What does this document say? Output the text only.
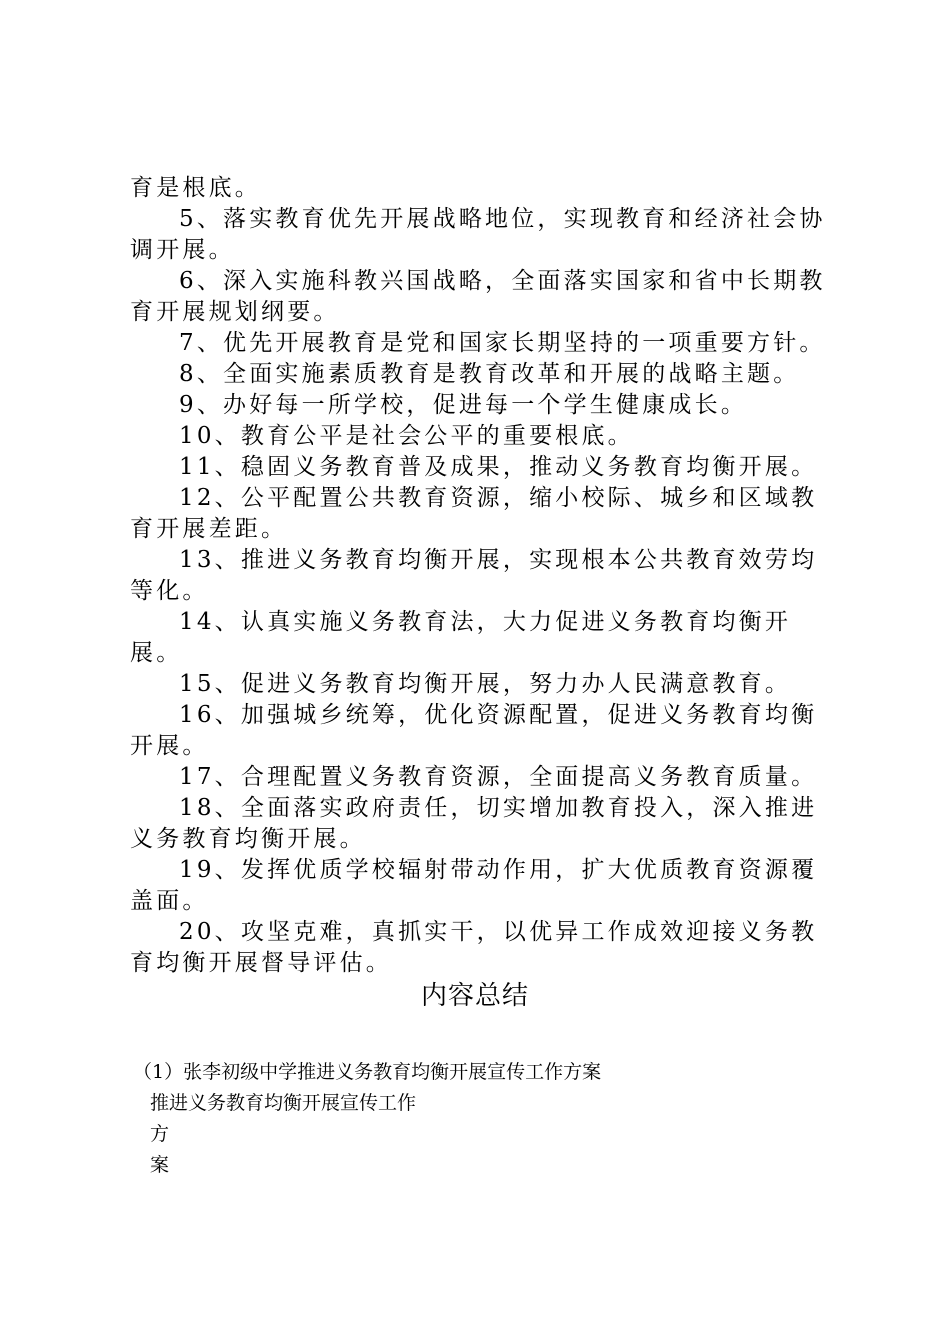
育是根底。

5、落实教育优先开展战略地位，实现教育和经济社会协调开展。

6、深入实施科教兴国战略，全面落实国家和省中长期教育开展规划纲要。

7、优先开展教育是党和国家长期坚持的一项重要方针。

8、全面实施素质教育是教育改革和开展的战略主题。

9、办好每一所学校，促进每一个学生健康成长。

10、教育公平是社会公平的重要根底。

11、稳固义务教育普及成果，推动义务教育均衡开展。

12、公平配置公共教育资源，缩小校际、城乡和区域教育开展差距。

13、推进义务教育均衡开展，实现根本公共教育效劳均等化。

14、认真实施义务教育法，大力促进义务教育均衡开展。

15、促进义务教育均衡开展，努力办人民满意教育。

16、加强城乡统筹，优化资源配置，促进义务教育均衡开展。

17、合理配置义务教育资源，全面提高义务教育质量。

18、全面落实政府责任，切实增加教育投入，深入推进义务教育均衡开展。

19、发挥优质学校辐射带动作用，扩大优质教育资源覆盖面。

20、攻坚克难，真抓实干，以优异工作成效迎接义务教育均衡开展督导评估。

内容总结
（1）张李初级中学推进义务教育均衡开展宣传工作方案
推进义务教育均衡开展宣传工作
方
案
